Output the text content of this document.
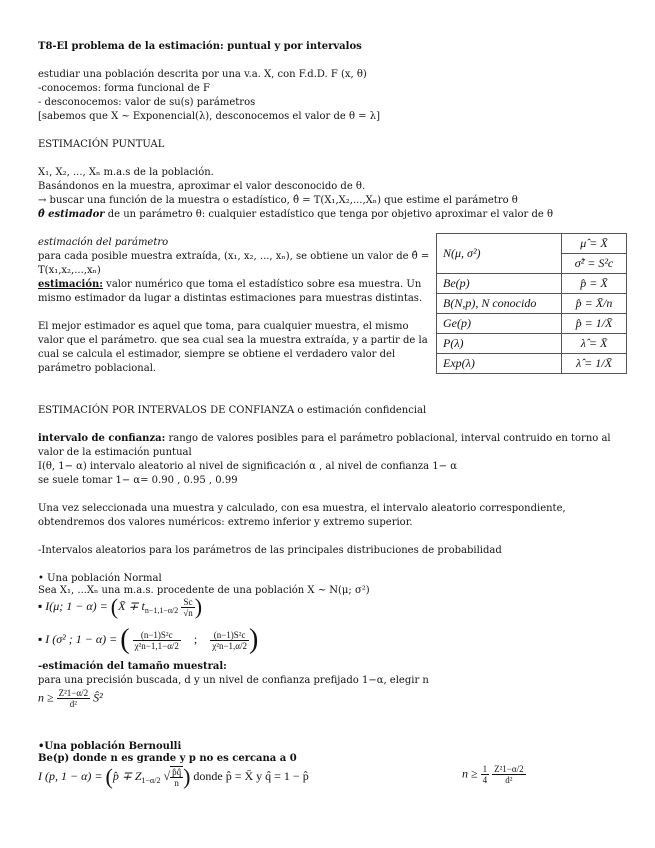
T8-El problema de la estimación: puntual y por intervalos
estudiar una población descrita por una v.a. X, con F.d.D. F (x, θ)
-conocemos: forma funcional de F
- desconocemos: valor de su(s) parámetros
[sabemos que X ~ Exponencial(λ), desconocemos el valor de θ = λ]
ESTIMACIÓN PUNTUAL
X₁, X₂, ..., Xₙ m.a.s de la población.
Basándonos en la muestra, aproximar el valor desconocido de θ.
→ buscar una función de la muestra o estadístico, θ̂ = T(X₁,X₂,...,Xₙ) que estime el parámetro θ
θ̂ estimador de un parámetro θ: cualquier estadístico que tenga por objetivo aproximar el valor de θ
estimación del parámetro
para cada posible muestra extraída, (x₁, x₂, ..., xₙ), se obtiene un valor de θ̂ =
T(x₁,x₂,...,xₙ)
estimación: valor numérico que toma el estadístico sobre esa muestra. Un
mismo estimador da lugar a distintas estimaciones para muestras distintas.
El mejor estimador es aquel que toma, para cualquier muestra, el mismo
valor que el parámetro. que sea cual sea la muestra extraída, y a partir de la
cual se calcula el estimador, siempre se obtiene el verdadero valor del
parámetro poblacional.
N(μ, σ²)	μ̂ = X̄
	σ̂² = S²c
Be(p)	p̂ = X̄
B(N,p), N conocido	p̂ = X̄/n
Ge(p)	p̂ = 1/X̄
P(λ)	λ̂ = X̄
Exp(λ)	λ̂ = 1/X̄
ESTIMACIÓN POR INTERVALOS DE CONFIANZA o estimación confidencial
intervalo de confianza: rango de valores posibles para el parámetro poblacional, interval contruido en torno al
valor de la estimación puntual
I(θ, 1− α) intervalo aleatorio al nivel de significación α , al nivel de confianza 1− α
se suele tomar 1− α= 0.90 , 0.95 , 0.99
Una vez seleccionada una muestra y calculado, con esa muestra, el intervalo aleatorio correspondiente,
obtendremos dos valores numéricos: extremo inferior y extremo superior.
-Intervalos aleatorios para los parámetros de las principales distribuciones de probabilidad
• Una población Normal
Sea X₁, ...Xₙ una m.a.s. procedente de una población X ~ N(μ; σ²)
▪ I(μ; 1 − α) = (X̄ ∓ $t_{n-1,1-\alpha/2} \frac{Sc}{√n}$ )
▪ I (σ² ; 1 − α) = ( $\frac{\text{(n−1)S²c}}{\text{χ²n−1,1−α/2}}$ ; $\frac{\text{(n−1)S²c}}{\text{χ²n−1,α/2}}$ )
-estimación del tamaño muestral:
para una precisión buscada, d y un nivel de confianza prefijado 1−α, elegir n
$n \ge \frac{\text{Z²1−α/2}}{\text{d²}}$ Ŝ²
•Una población Bernoulli
Be(p) donde n es grande y p no es cercana a 0
I (p, 1 − α) = (p̂ ∓ $Z_{1-\alpha/2}$ √ $\frac{p̂q̂}{n}$ ) donde p̂ = X̄ y q̂ = 1 − p̂	$n \ge \frac{1}{4}$
$\frac{\text{Z²1−α/2}}{\text{d²}}$
